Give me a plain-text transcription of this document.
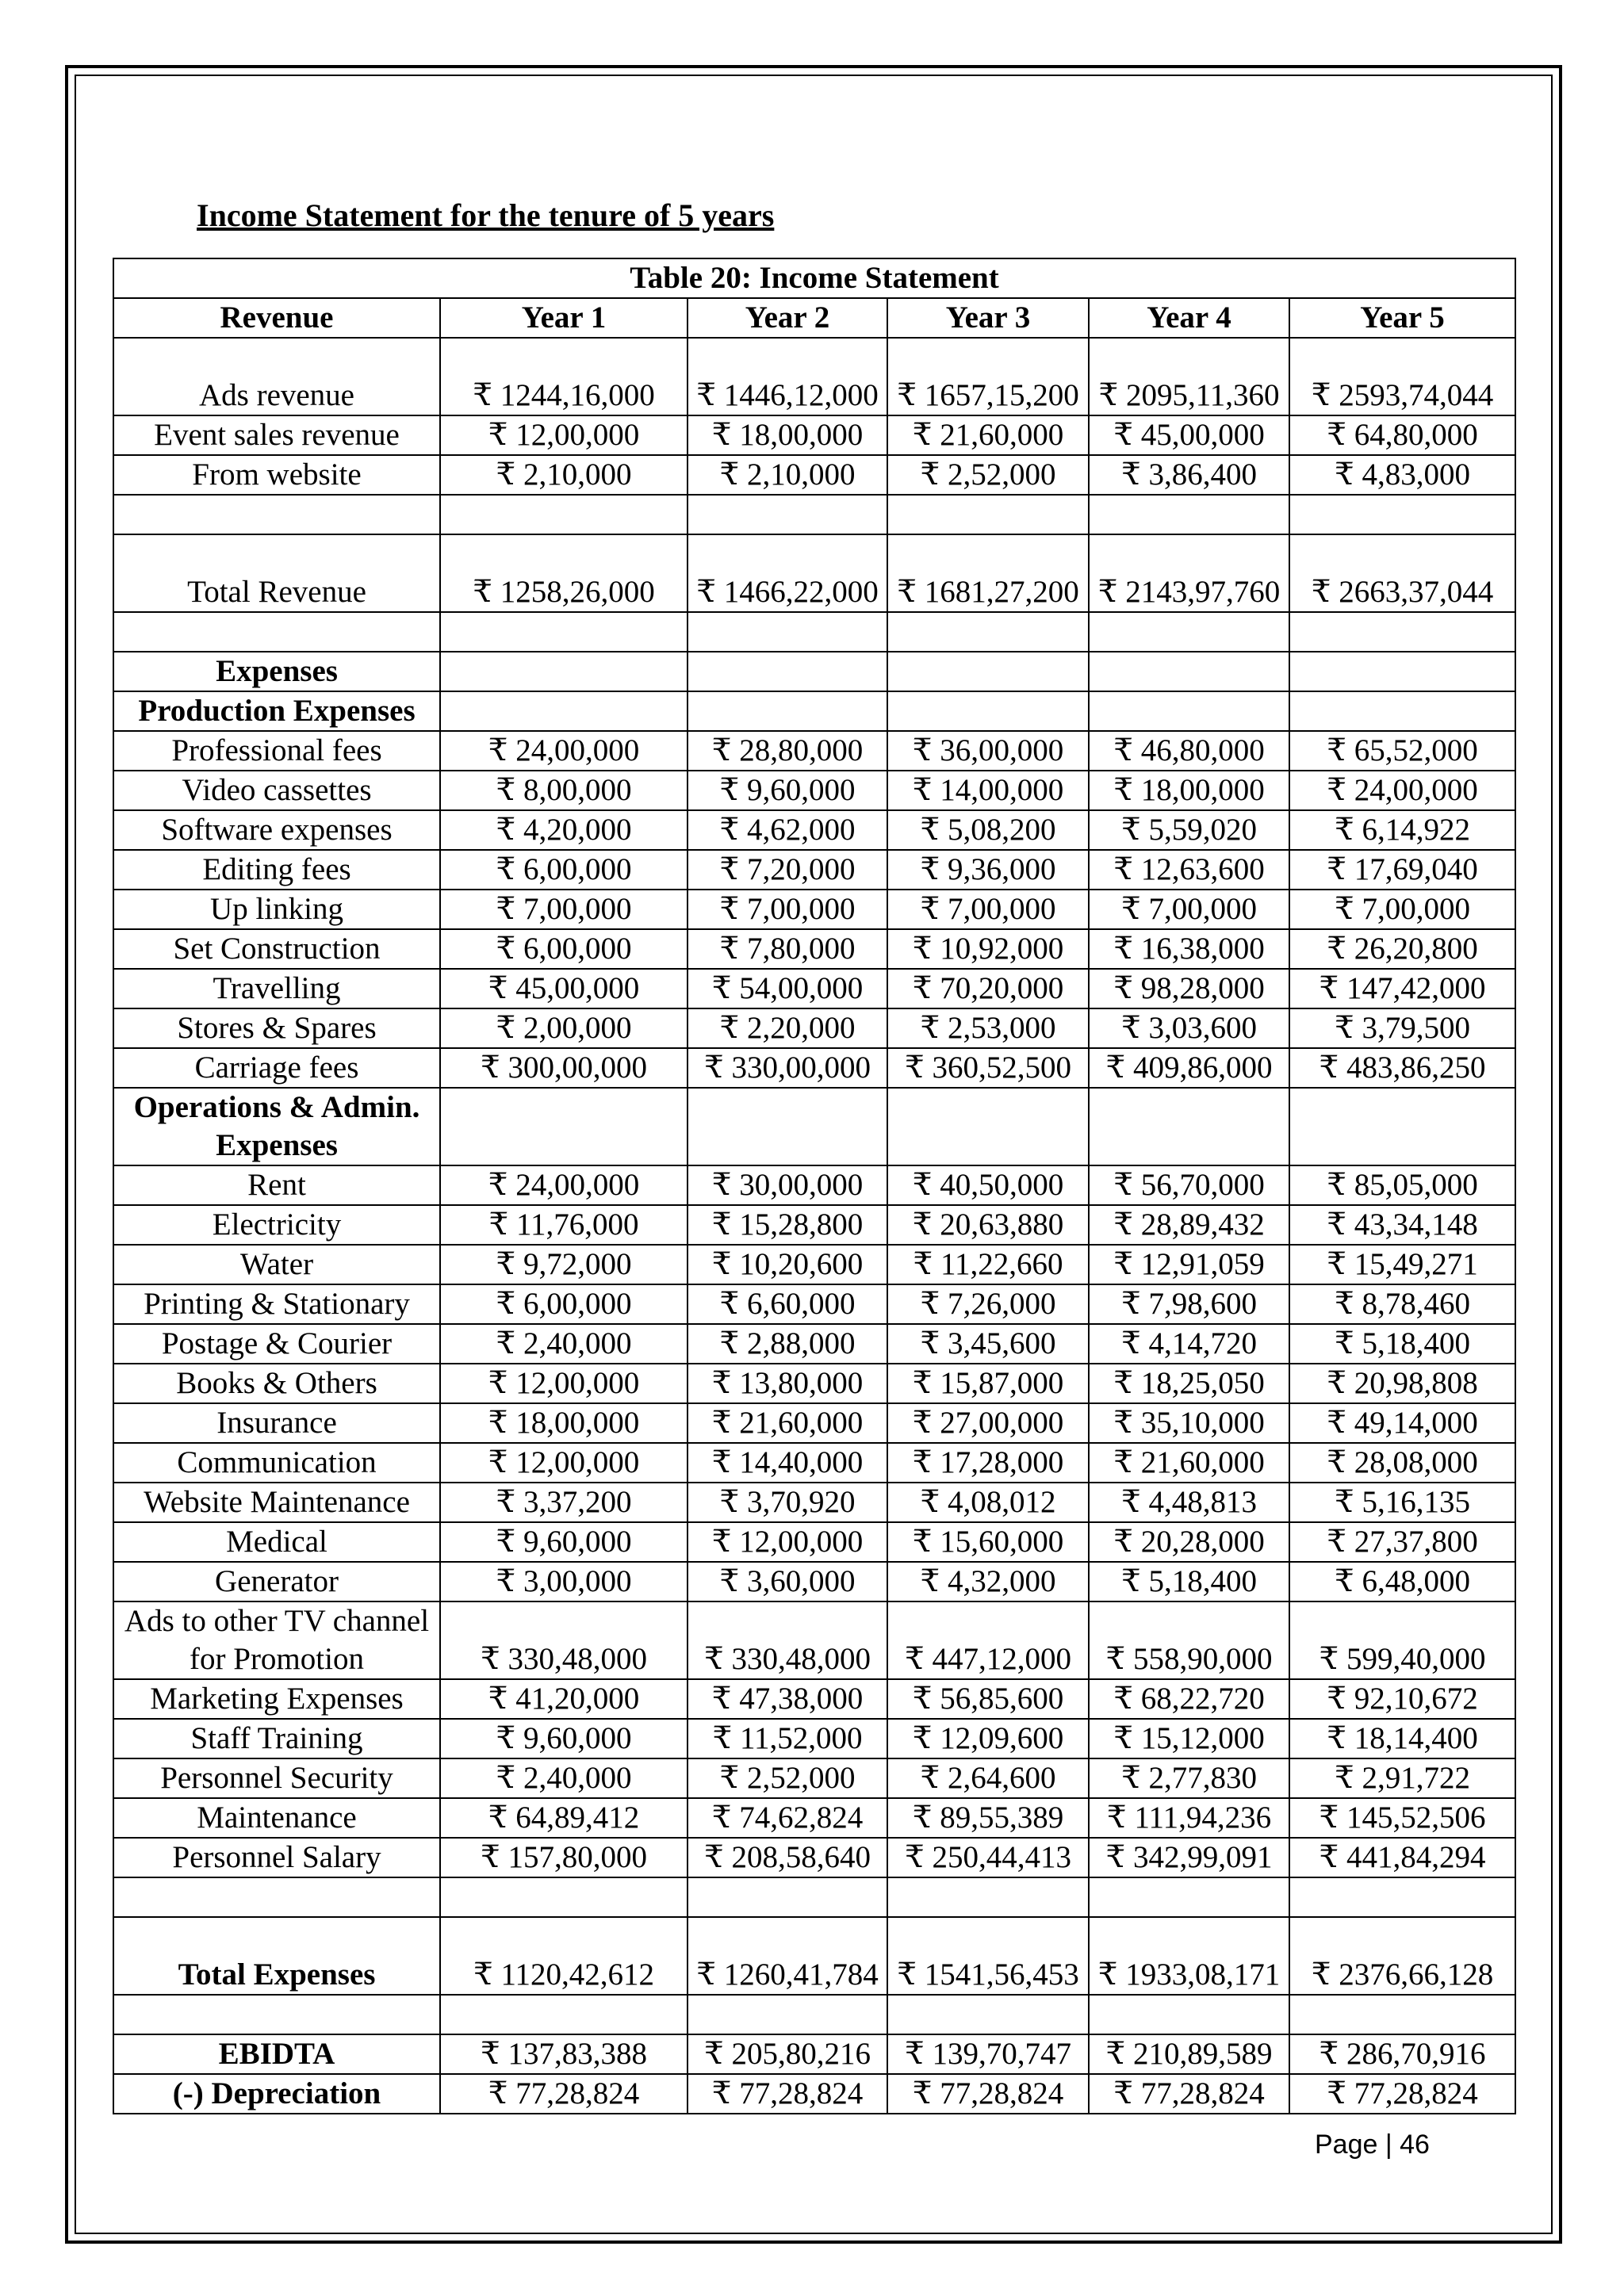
Income Statement for the tenure of 5 years
Table 20: Income Statement					
Revenue	Year 1	Year 2	Year 3	Year 4	Year 5
Ads revenue	₹ 1244,16,000	₹ 1446,12,000	₹ 1657,15,200	₹ 2095,11,360	₹ 2593,74,044
Event sales revenue	₹ 12,00,000	₹ 18,00,000	₹ 21,60,000	₹ 45,00,000	₹ 64,80,000
From website	₹ 2,10,000	₹ 2,10,000	₹ 2,52,000	₹ 3,86,400	₹ 4,83,000

Total Revenue	₹ 1258,26,000	₹ 1466,22,000	₹ 1681,27,200	₹ 2143,97,760	₹ 2663,37,044

Expenses					
Production Expenses					
Professional fees	₹ 24,00,000	₹ 28,80,000	₹ 36,00,000	₹ 46,80,000	₹ 65,52,000
Video cassettes	₹ 8,00,000	₹ 9,60,000	₹ 14,00,000	₹ 18,00,000	₹ 24,00,000
Software expenses	₹ 4,20,000	₹ 4,62,000	₹ 5,08,200	₹ 5,59,020	₹ 6,14,922
Editing fees	₹ 6,00,000	₹ 7,20,000	₹ 9,36,000	₹ 12,63,600	₹ 17,69,040
Up linking	₹ 7,00,000	₹ 7,00,000	₹ 7,00,000	₹ 7,00,000	₹ 7,00,000
Set Construction	₹ 6,00,000	₹ 7,80,000	₹ 10,92,000	₹ 16,38,000	₹ 26,20,800
Travelling	₹ 45,00,000	₹ 54,00,000	₹ 70,20,000	₹ 98,28,000	₹ 147,42,000
Stores & Spares	₹ 2,00,000	₹ 2,20,000	₹ 2,53,000	₹ 3,03,600	₹ 3,79,500
Carriage fees	₹ 300,00,000	₹ 330,00,000	₹ 360,52,500	₹ 409,86,000	₹ 483,86,250
Operations & Admin. Expenses					
Rent	₹ 24,00,000	₹ 30,00,000	₹ 40,50,000	₹ 56,70,000	₹ 85,05,000
Electricity	₹ 11,76,000	₹ 15,28,800	₹ 20,63,880	₹ 28,89,432	₹ 43,34,148
Water	₹ 9,72,000	₹ 10,20,600	₹ 11,22,660	₹ 12,91,059	₹ 15,49,271
Printing & Stationary	₹ 6,00,000	₹ 6,60,000	₹ 7,26,000	₹ 7,98,600	₹ 8,78,460
Postage & Courier	₹ 2,40,000	₹ 2,88,000	₹ 3,45,600	₹ 4,14,720	₹ 5,18,400
Books & Others	₹ 12,00,000	₹ 13,80,000	₹ 15,87,000	₹ 18,25,050	₹ 20,98,808
Insurance	₹ 18,00,000	₹ 21,60,000	₹ 27,00,000	₹ 35,10,000	₹ 49,14,000
Communication	₹ 12,00,000	₹ 14,40,000	₹ 17,28,000	₹ 21,60,000	₹ 28,08,000
Website Maintenance	₹ 3,37,200	₹ 3,70,920	₹ 4,08,012	₹ 4,48,813	₹ 5,16,135
Medical	₹ 9,60,000	₹ 12,00,000	₹ 15,60,000	₹ 20,28,000	₹ 27,37,800
Generator	₹ 3,00,000	₹ 3,60,000	₹ 4,32,000	₹ 5,18,400	₹ 6,48,000
Ads to other TV channel for Promotion	₹ 330,48,000	₹ 330,48,000	₹ 447,12,000	₹ 558,90,000	₹ 599,40,000
Marketing Expenses	₹ 41,20,000	₹ 47,38,000	₹ 56,85,600	₹ 68,22,720	₹ 92,10,672
Staff Training	₹ 9,60,000	₹ 11,52,000	₹ 12,09,600	₹ 15,12,000	₹ 18,14,400
Personnel Security	₹ 2,40,000	₹ 2,52,000	₹ 2,64,600	₹ 2,77,830	₹ 2,91,722
Maintenance	₹ 64,89,412	₹ 74,62,824	₹ 89,55,389	₹ 111,94,236	₹ 145,52,506
Personnel Salary	₹ 157,80,000	₹ 208,58,640	₹ 250,44,413	₹ 342,99,091	₹ 441,84,294

Total Expenses	₹ 1120,42,612	₹ 1260,41,784	₹ 1541,56,453	₹ 1933,08,171	₹ 2376,66,128

EBIDTA	₹ 137,83,388	₹ 205,80,216	₹ 139,70,747	₹ 210,89,589	₹ 286,70,916
(-) Depreciation	₹ 77,28,824	₹ 77,28,824	₹ 77,28,824	₹ 77,28,824	₹ 77,28,824
Page | 46
